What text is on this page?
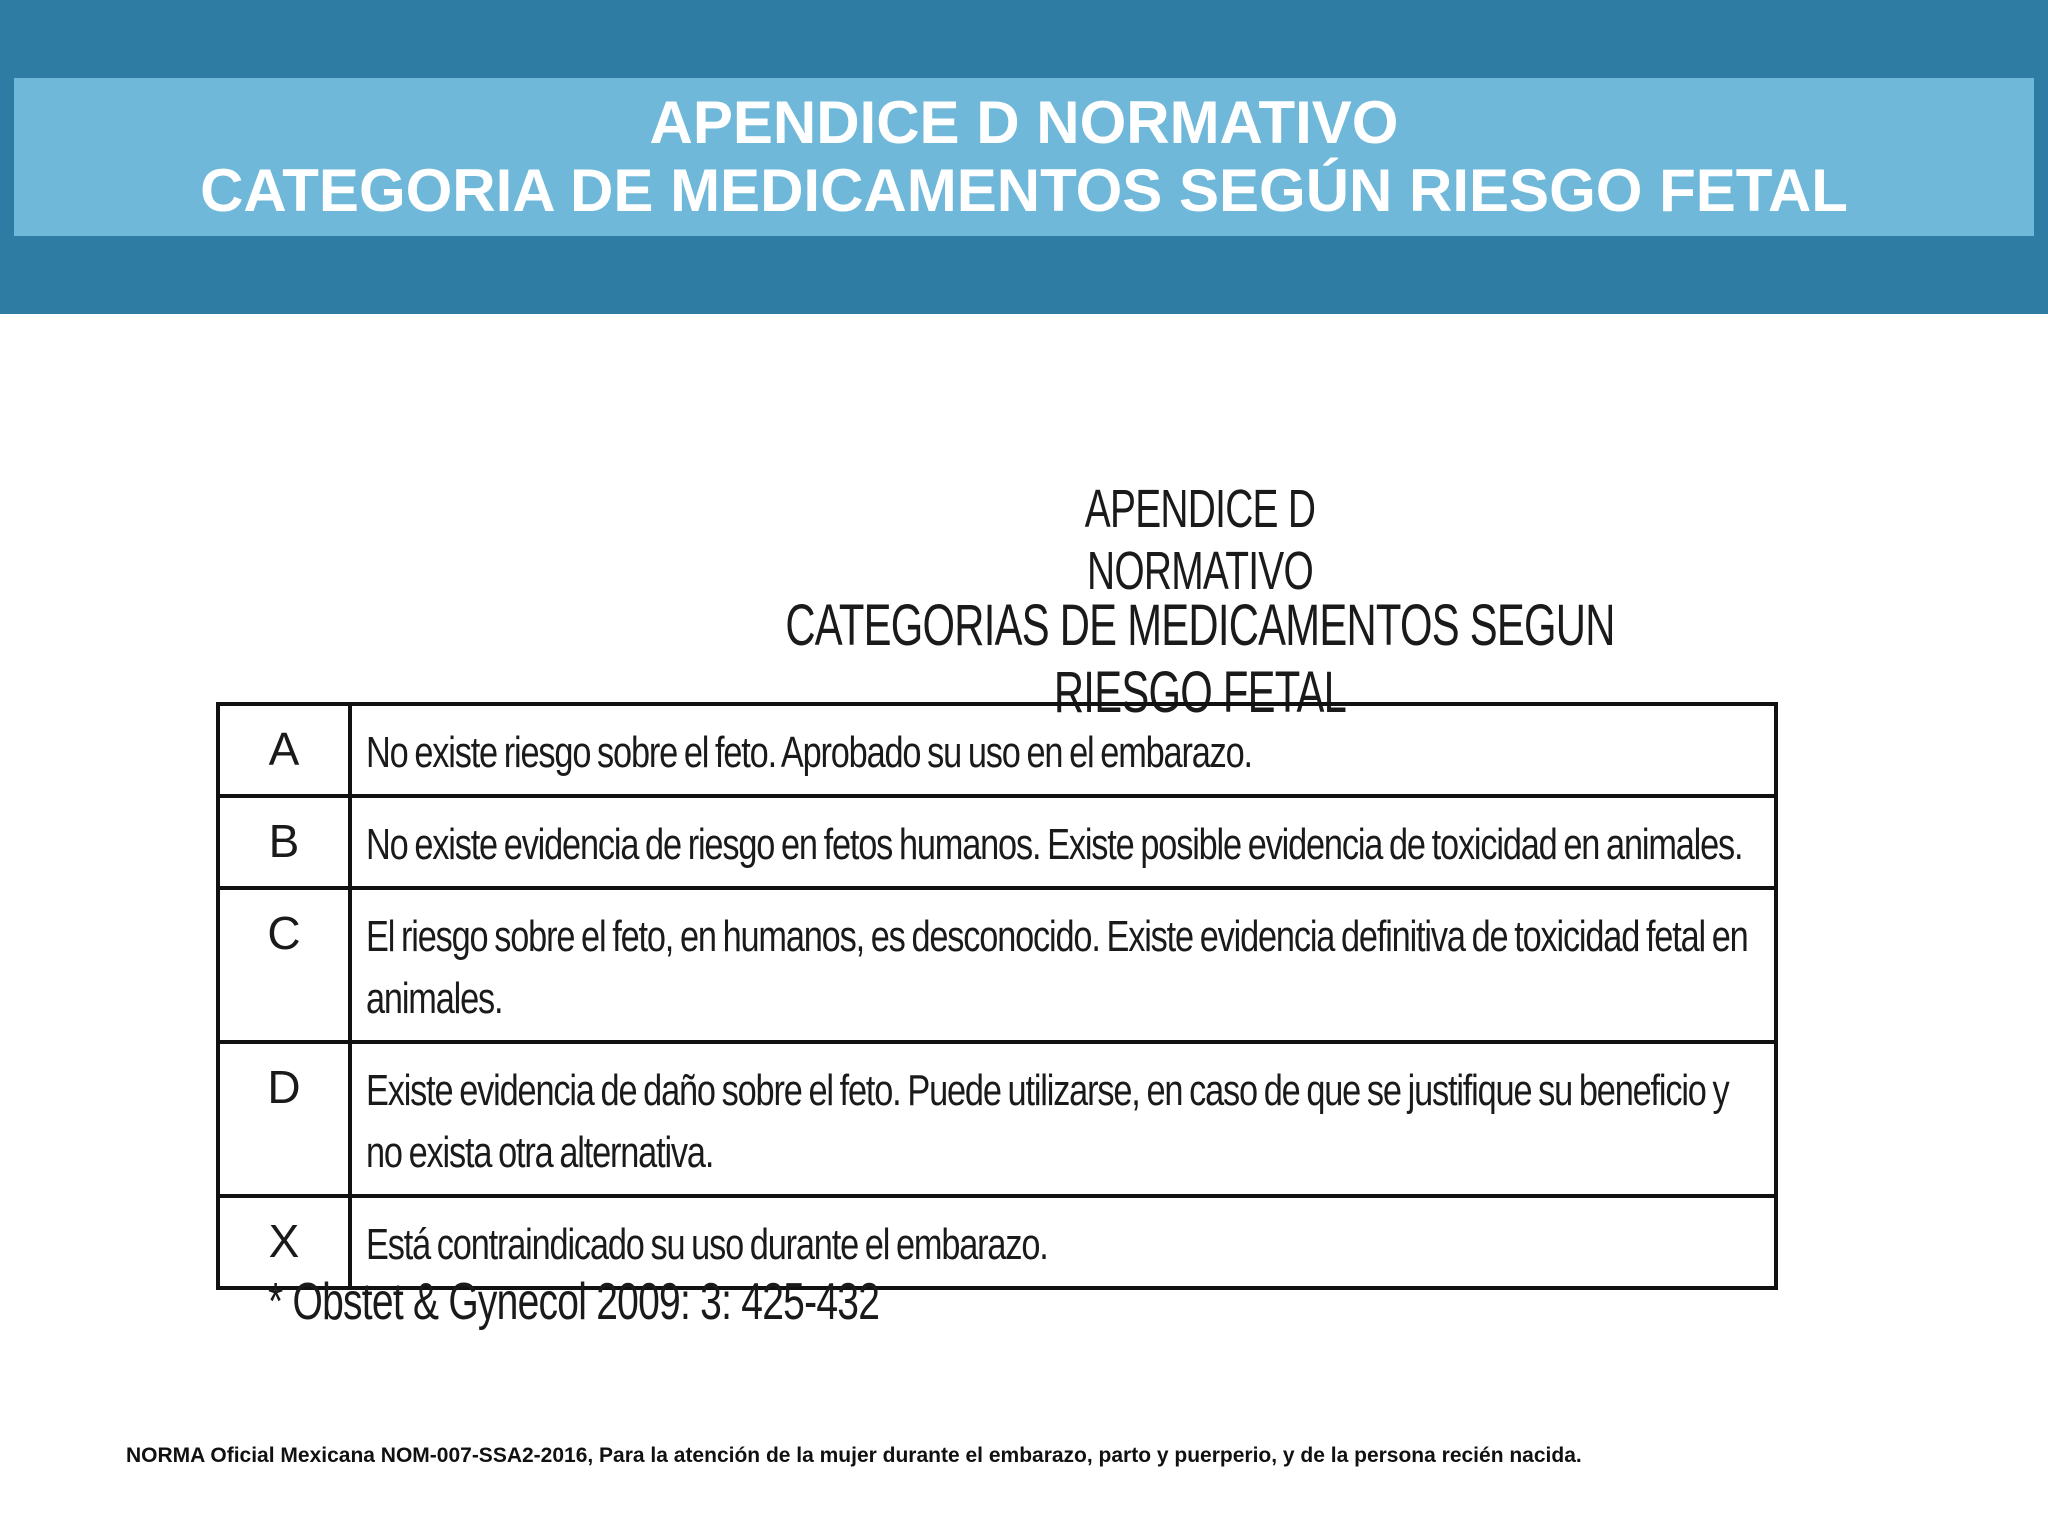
APENDICE D NORMATIVO
CATEGORIA DE MEDICAMENTOS SEGÚN RIESGO FETAL
APENDICE D NORMATIVO
CATEGORIAS DE MEDICAMENTOS SEGUN RIESGO FETAL
A	No existe riesgo sobre el feto. Aprobado su uso en el embarazo.
B	No existe evidencia de riesgo en fetos humanos. Existe posible evidencia de toxicidad en animales.
C	El riesgo sobre el feto, en humanos, es desconocido. Existe evidencia definitiva de toxicidad fetal en animales.
D	Existe evidencia de daño sobre el feto. Puede utilizarse, en caso de que se justifique su beneficio y no exista otra alternativa.
X	Está contraindicado su uso durante el embarazo.
* Obstet & Gynecol 2009: 3: 425-432
NORMA Oficial Mexicana NOM-007-SSA2-2016, Para la atención de la mujer durante el embarazo, parto y puerperio, y de la persona recién nacida.
